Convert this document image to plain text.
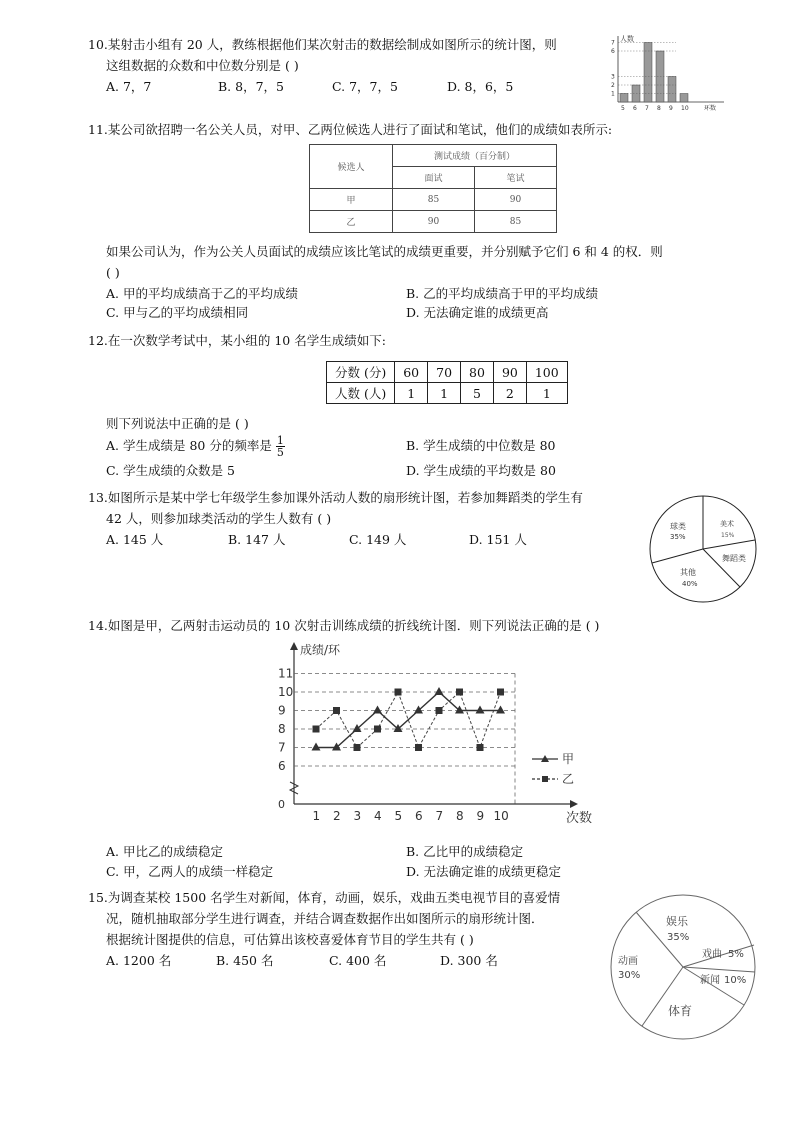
10.某射击小组有 20 人，教练根据他们某次射击的数据绘制成如图所示的统计图，则
这组数据的众数和中位数分别是 ( )
A. 7，7	B. 8，7，5	C. 7，7，5	D. 8，6，5
人数
环数
5 6 7 8 9 10
1
2
3
6
7
11.某公司欲招聘一名公关人员，对甲、乙两位候选人进行了面试和笔试，他们的成绩如表所示:
候选人	测试成绩（百分制）	
	面试	笔试
甲	85	90
乙	90	85
如果公司认为，作为公关人员面试的成绩应该比笔试的成绩更重要，并分别赋予它们 6 和 4 的权．则
( )
A. 甲的平均成绩高于乙的平均成绩	B. 乙的平均成绩高于甲的平均成绩
C. 甲与乙的平均成绩相同	D. 无法确定谁的成绩更高
12.在一次数学考试中，某小组的 10 名学生成绩如下:
分数 (分)	60	70	80	90	100
人数 (人)	1	1	5	2	1
则下列说法中正确的是 ( )
A. 学生成绩是 80 分的频率是 $\frac{1}{5}$	B. 学生成绩的中位数是 80
C. 学生成绩的众数是 5	D. 学生成绩的平均数是 80
13.如图所示是某中学七年级学生参加课外活动人数的扇形统计图，若参加舞蹈类的学生有
42 人，则参加球类活动的学生人数有 ( )
A. 145 人	B. 147 人	C. 149 人	D. 151 人
球类
35%
美术
15%
舞蹈类
其他
40%
14.如图是甲，乙两射击运动员的 10 次射击训练成绩的折线统计图．则下列说法正确的是 ( )
0
成绩/环
次数
6
7
8
9
10
11
1 2 3 4 5 6 7 8 9 10
甲
乙
A. 甲比乙的成绩稳定	B. 乙比甲的成绩稳定
C. 甲，乙两人的成绩一样稳定	D. 无法确定谁的成绩更稳定
15.为调查某校 1500 名学生对新闻，体育，动画，娱乐，戏曲五类电视节目的喜爱情
况，随机抽取部分学生进行调查，并结合调查数据作出如图所示的扇形统计图．
根据统计图提供的信息，可估算出该校喜爱体育节目的学生共有 ( )
A. 1200 名	B. 450 名	C. 400 名	D. 300 名
娱乐
35%
戏曲 5%
新闻 10%
体育
动画
30%
